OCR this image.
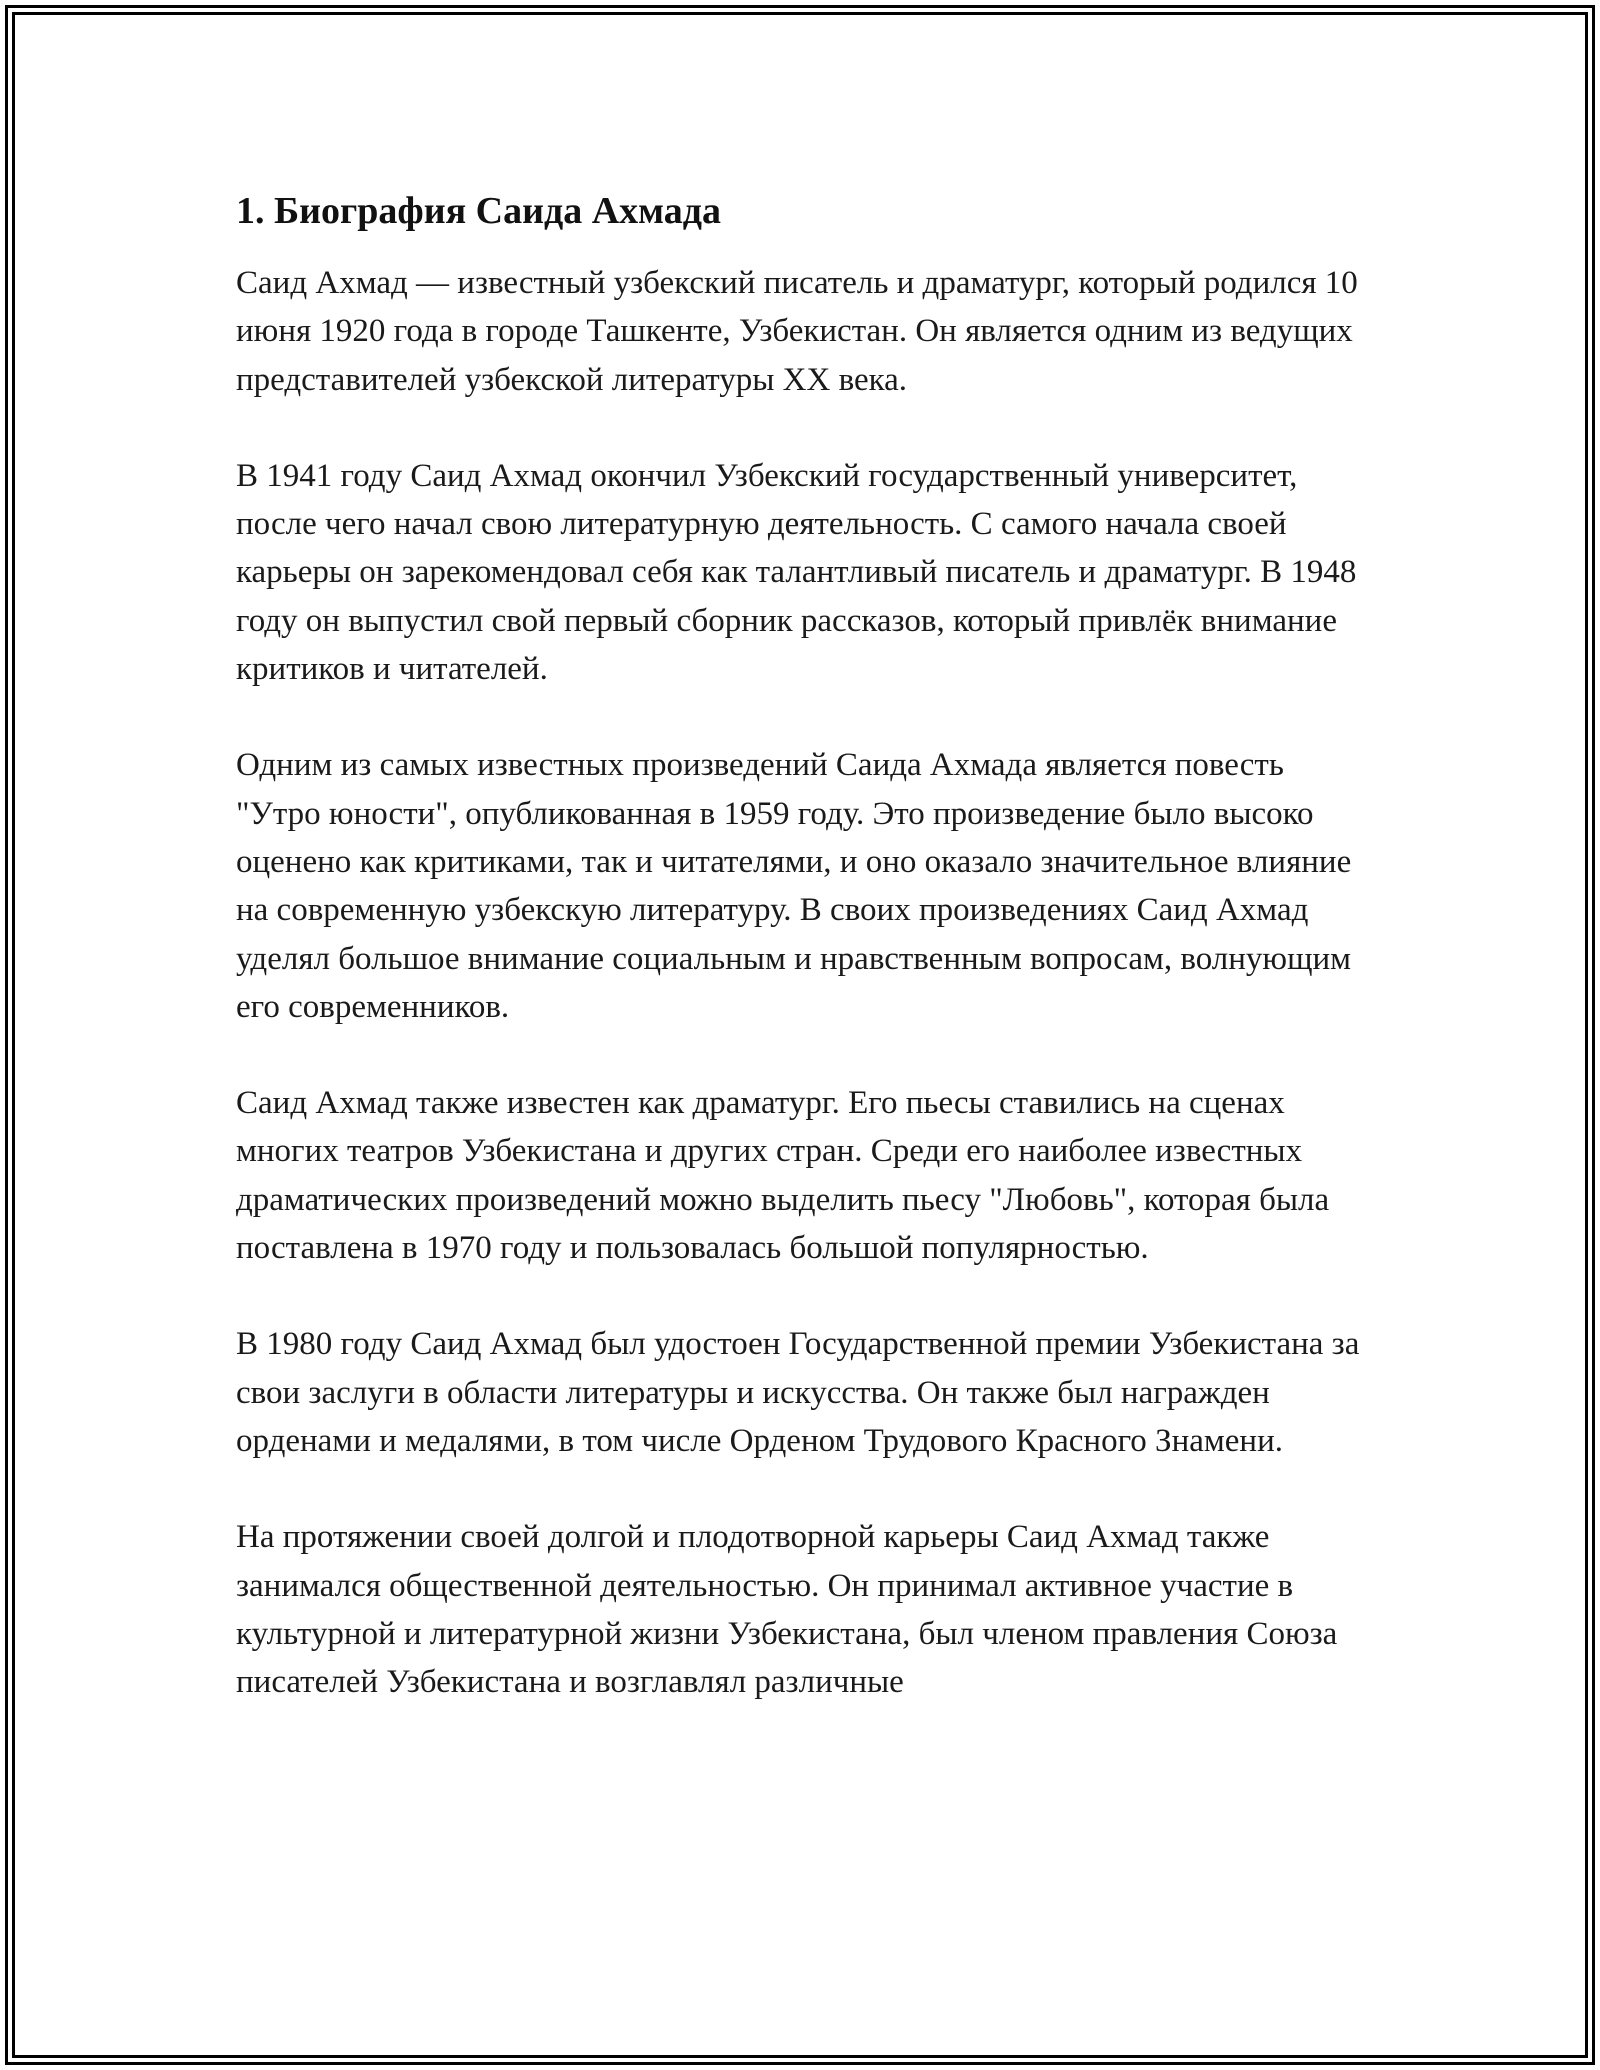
1. Биография Саида Ахмада

Саид Ахмад — известный узбекский писатель и драматург, который родился 10 июня 1920 года в городе Ташкенте, Узбекистан. Он является одним из ведущих представителей узбекской литературы XX века.

В 1941 году Саид Ахмад окончил Узбекский государственный университет, после чего начал свою литературную деятельность. С самого начала своей карьеры он зарекомендовал себя как талантливый писатель и драматург. В 1948 году он выпустил свой первый сборник рассказов, который привлёк внимание критиков и читателей.

Одним из самых известных произведений Саида Ахмада является повесть "Утро юности", опубликованная в 1959 году. Это произведение было высоко оценено как критиками, так и читателями, и оно оказало значительное влияние на современную узбекскую литературу. В своих произведениях Саид Ахмад уделял большое внимание социальным и нравственным вопросам, волнующим его современников.

Саид Ахмад также известен как драматург. Его пьесы ставились на сценах многих театров Узбекистана и других стран. Среди его наиболее известных драматических произведений можно выделить пьесу "Любовь", которая была поставлена в 1970 году и пользовалась большой популярностью.

В 1980 году Саид Ахмад был удостоен Государственной премии Узбекистана за свои заслуги в области литературы и искусства. Он также был награжден орденами и медалями, в том числе Орденом Трудового Красного Знамени.

На протяжении своей долгой и плодотворной карьеры Саид Ахмад также занимался общественной деятельностью. Он принимал активное участие в культурной и литературной жизни Узбекистана, был членом правления Союза писателей Узбекистана и возглавлял различные
